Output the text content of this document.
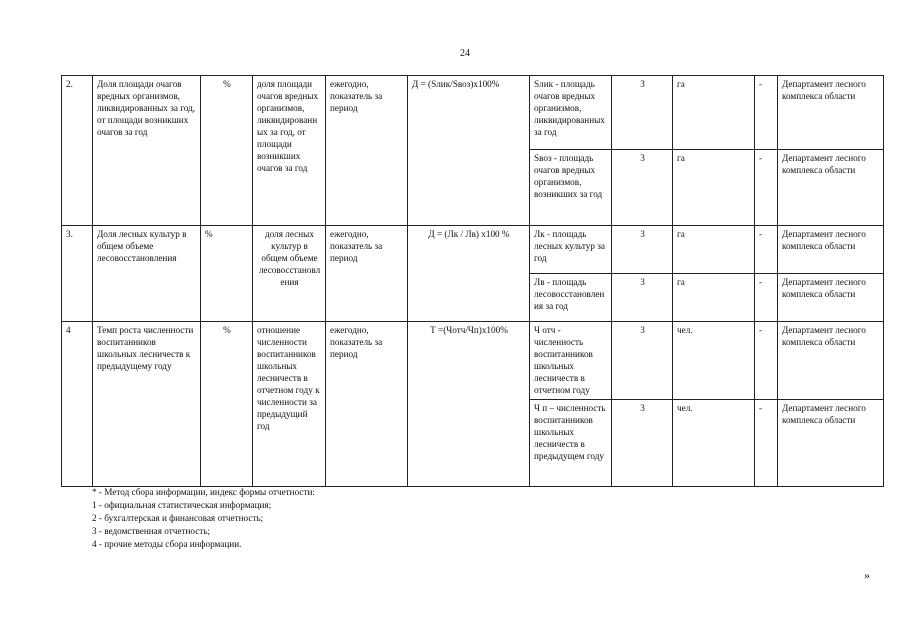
24
2.	Доля площади очагов вредных организмов, ликвидированных за год, от площади возникших очагов за год	%	доля площади очагов вредных организмов, ликвидированных за год, от площади возникших очагов за год	ежегодно, показатель за период	Д = (Sлик/Sвоз)х100%	Sлик - площадь очагов вредных организмов, ликвидированных за год	3	га	-	Департамент лесного комплекса области
						Sвоз - площадь очагов вредных организмов, возникших за год	3	га	-	Департамент лесного комплекса области
3.	Доля лесных культур в общем объеме лесовосстановления	%	доля лесных культур в общем объеме лесовосстановления	ежегодно, показатель за период	Д = (Лк / Лв) х100 %	Лк - площадь лесных культур за год	3	га	-	Департамент лесного комплекса области
						Лв - площадь лесовосстановления за год	3	га	-	Департамент лесного комплекса области
4	Темп роста численности воспитанников школьных лесничеств к предыдущему году	%	отношение численности воспитанников школьных лесничеств в отчетном году к численности за предыдущий год	ежегодно, показатель за период	Т =(Чотч/Чп)х100%	Ч отч - численность воспитанников школьных лесничеств в отчетном году	3	чел.	-	Департамент лесного комплекса области
						Ч п – численность воспитанников школьных лесничеств в предыдущем году	3	чел.	-	Департамент лесного комплекса области
* - Метод сбора информации, индекс формы отчетности:
1 - официальная статистическая информация;
2 - бухгалтерская и финансовая отчетность;
3 - ведомственная отчетность;
4 - прочие методы сбора информации.
»
